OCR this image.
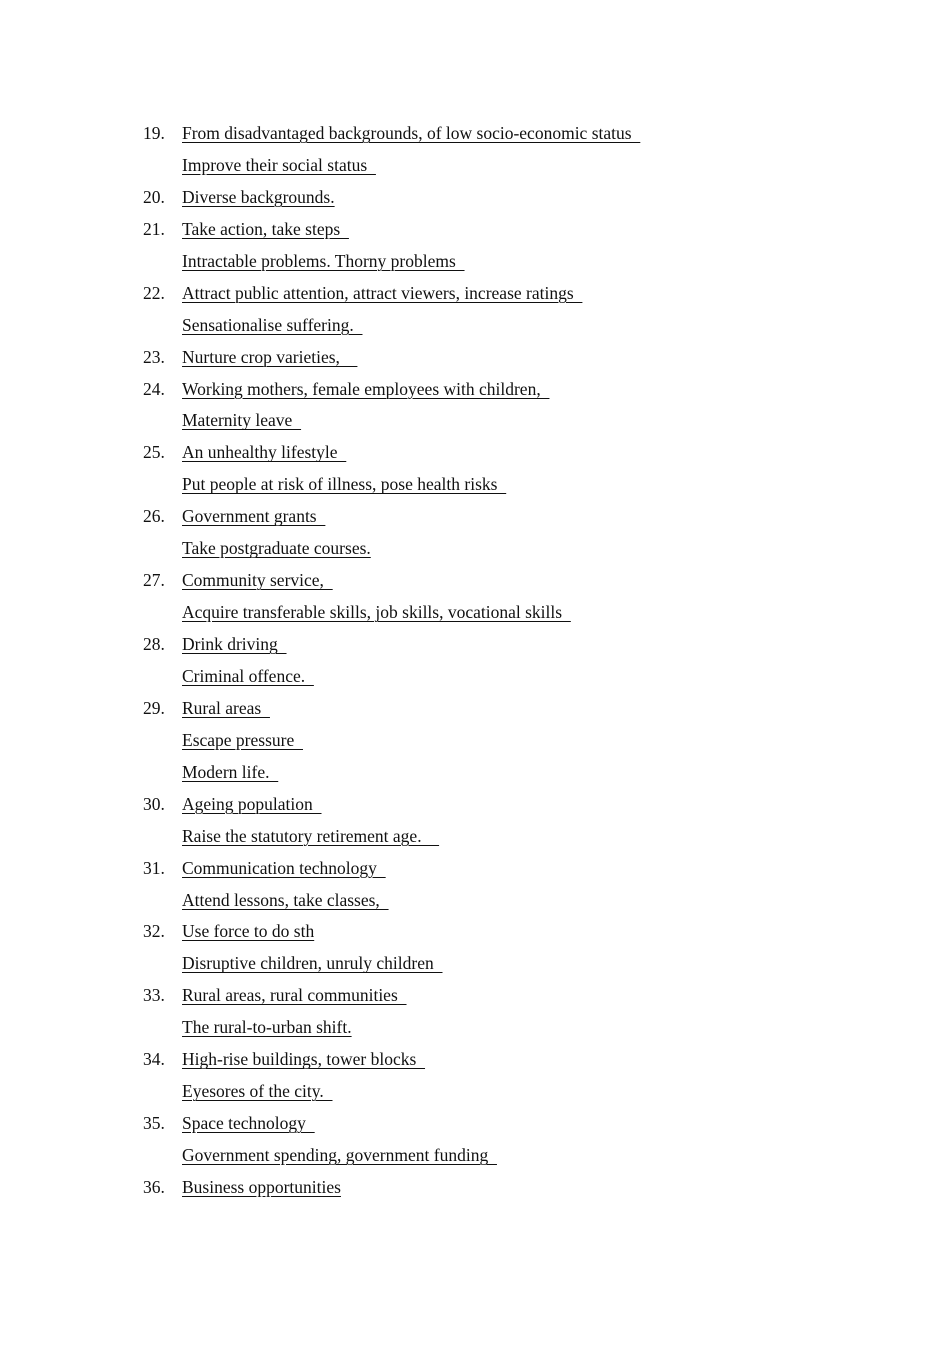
19. From disadvantaged backgrounds, of low socio-economic status
Improve their social status
20. Diverse backgrounds.
21. Take action, take steps
Intractable problems. Thorny problems
22. Attract public attention, attract viewers, increase ratings
Sensationalise suffering.
23. Nurture crop varieties,
24. Working mothers, female employees with children,
Maternity leave
25. An unhealthy lifestyle
Put people at risk of illness, pose health risks
26. Government grants
Take postgraduate courses.
27. Community service,
Acquire transferable skills, job skills, vocational skills
28. Drink driving
Criminal offence.
29. Rural areas
Escape pressure
Modern life.
30. Ageing population
Raise the statutory retirement age.
31. Communication technology
Attend lessons, take classes,
32. Use force to do sth
Disruptive children, unruly children
33. Rural areas, rural communities
The rural-to-urban shift.
34. High-rise buildings, tower blocks
Eyesores of the city.
35. Space technology
Government spending, government funding
36. Business opportunities
